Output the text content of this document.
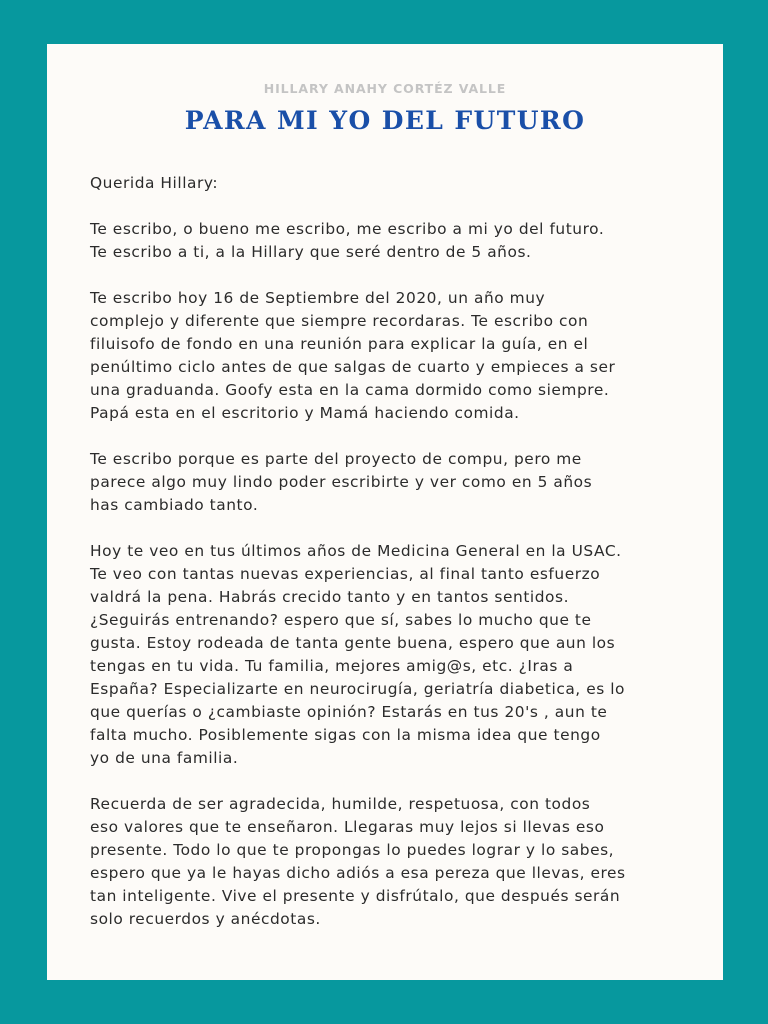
HILLARY ANAHY CORTÉZ VALLE
PARA MI YO DEL FUTURO

Querida Hillary:

Te escribo, o bueno me escribo, me escribo a mi yo del futuro.
Te escribo a ti, a la Hillary que seré dentro de 5 años.

Te escribo hoy 16 de Septiembre del 2020, un año muy
complejo y diferente que siempre recordaras. Te escribo con
filuisofo de fondo en una reunión para explicar la guía, en el
penúltimo ciclo antes de que salgas de cuarto y empieces a ser
una graduanda. Goofy esta en la cama dormido como siempre.
Papá esta en el escritorio y Mamá haciendo comida.

Te escribo porque es parte del proyecto de compu, pero me
parece algo muy lindo poder escribirte y ver como en 5 años
has cambiado tanto.

Hoy te veo en tus últimos años de Medicina General en la USAC.
Te veo con tantas nuevas experiencias, al final tanto esfuerzo
valdrá la pena. Habrás crecido tanto y en tantos sentidos.
¿Seguirás entrenando? espero que sí, sabes lo mucho que te
gusta. Estoy rodeada de tanta gente buena, espero que aun los
tengas en tu vida. Tu familia, mejores amig@s, etc. ¿Iras a
España? Especializarte en neurocirugía, geriatría diabetica, es lo
que querías o ¿cambiaste opinión? Estarás en tus 20's , aun te
falta mucho. Posiblemente sigas con la misma idea que tengo
yo de una familia.

Recuerda de ser agradecida, humilde, respetuosa, con todos
eso valores que te enseñaron. Llegaras muy lejos si llevas eso
presente. Todo lo que te propongas lo puedes lograr y lo sabes,
espero que ya le hayas dicho adiós a esa pereza que llevas, eres
tan inteligente. Vive el presente y disfrútalo, que después serán
solo recuerdos y anécdotas.
